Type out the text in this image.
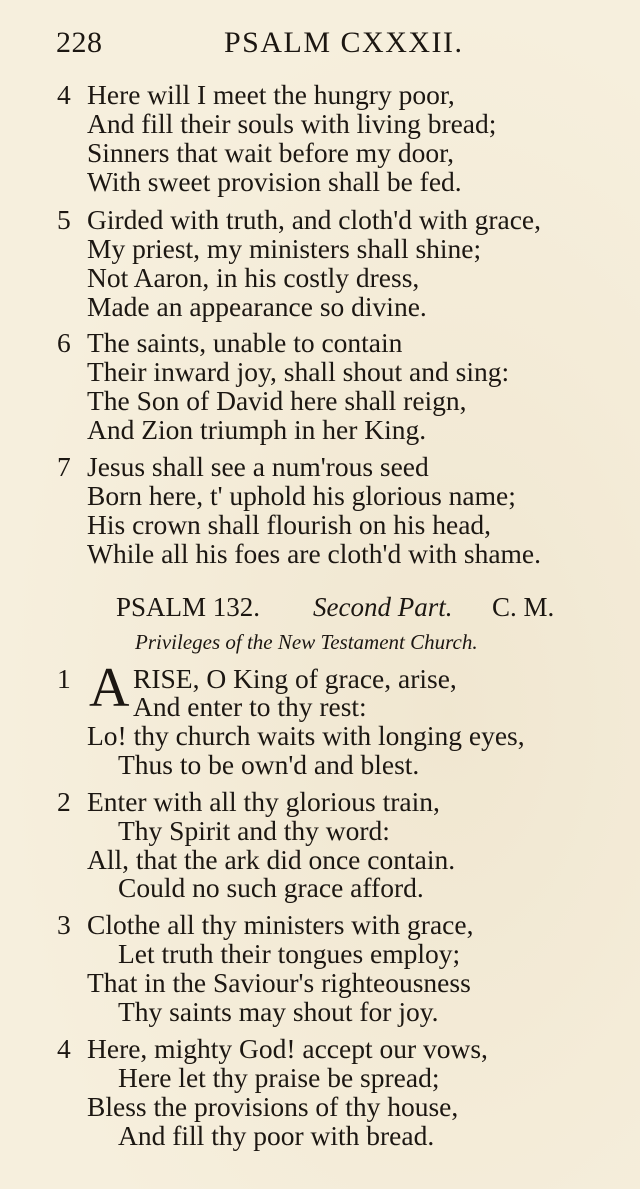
228	PSALM CXXXII.
4 Here will I meet the hungry poor,
And fill their souls with living bread;
Sinners that wait before my door,
With sweet provision shall be fed.
5 Girded with truth, and cloth'd with grace,
My priest, my ministers shall shine;
Not Aaron, in his costly dress,
Made an appearance so divine.
6 The saints, unable to contain
Their inward joy, shall shout and sing:
The Son of David here shall reign,
And Zion triumph in her King.
7 Jesus shall see a num'rous seed
Born here, t' uphold his glorious name;
His crown shall flourish on his head,
While all his foes are cloth'd with shame.
PSALM 132. Second Part. C. M.
Privileges of the New Testament Church.
1 A RISE, O King of grace, arise,
And enter to thy rest:
Lo! thy church waits with longing eyes,
Thus to be own'd and blest.
2 Enter with all thy glorious train,
Thy Spirit and thy word:
All, that the ark did once contain.
Could no such grace afford.
3 Clothe all thy ministers with grace,
Let truth their tongues employ;
That in the Saviour's righteousness
Thy saints may shout for joy.
4 Here, mighty God! accept our vows,
Here let thy praise be spread;
Bless the provisions of thy house,
And fill thy poor with bread.
